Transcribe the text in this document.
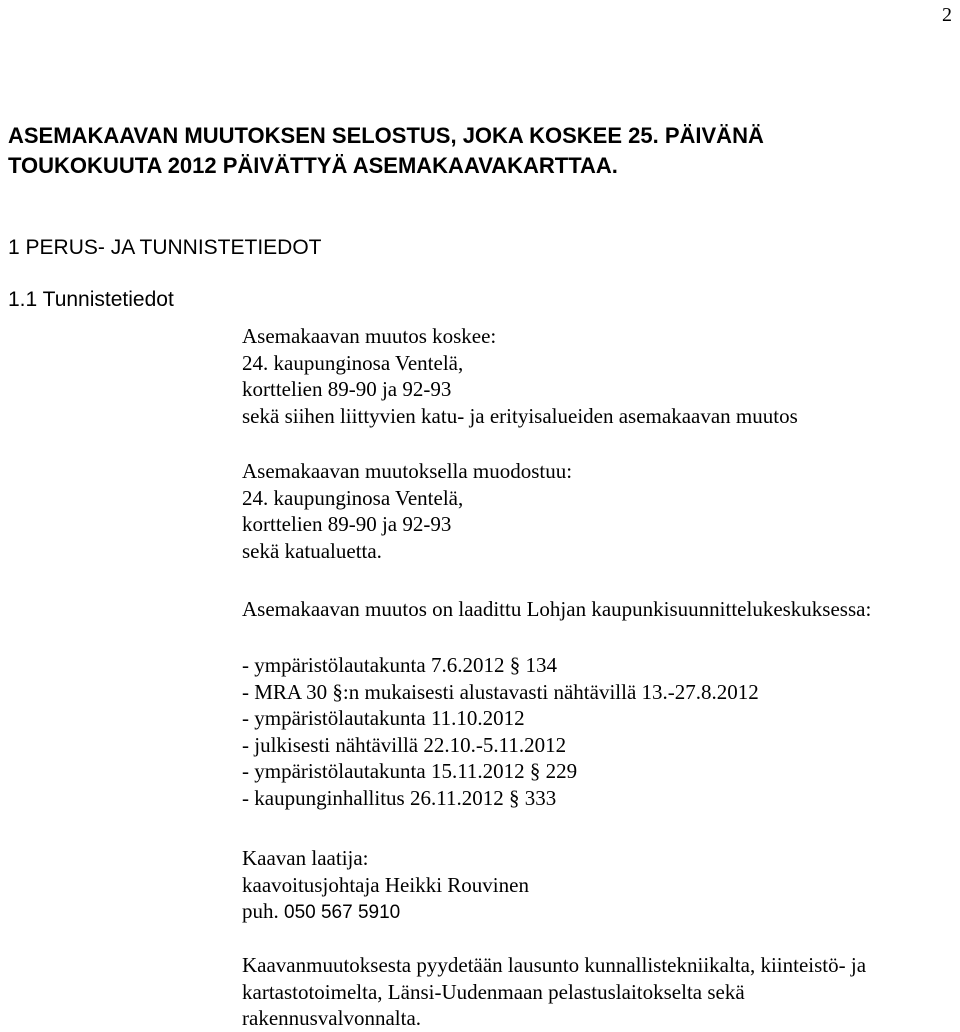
2
ASEMAKAAVAN MUUTOKSEN SELOSTUS, JOKA KOSKEE 25. PÄIVÄNÄ
TOUKOKUUTA 2012 PÄIVÄTTYÄ ASEMAKAAVAKARTTAA.
1 PERUS- JA TUNNISTETIEDOT
1.1 Tunnistetiedot
Asemakaavan muutos koskee:
24. kaupunginosa Ventelä,
korttelien 89-90 ja 92-93
sekä siihen liittyvien katu- ja erityisalueiden asemakaavan muutos
Asemakaavan muutoksella muodostuu:
24. kaupunginosa Ventelä,
korttelien 89-90 ja 92-93
sekä katualuetta.
Asemakaavan muutos on laadittu Lohjan kaupunkisuunnittelukeskuksessa:
- ympäristölautakunta 7.6.2012 § 134
- MRA 30 §:n mukaisesti alustavasti nähtävillä 13.-27.8.2012
- ympäristölautakunta 11.10.2012
- julkisesti nähtävillä 22.10.-5.11.2012
- ympäristölautakunta 15.11.2012 § 229
- kaupunginhallitus 26.11.2012 § 333
Kaavan laatija:
kaavoitusjohtaja Heikki Rouvinen
puh. 050 567 5910
Kaavanmuutoksesta pyydetään lausunto kunnallistekniikalta, kiinteistö- ja
kartastotoimelta, Länsi-Uudenmaan pelastuslaitokselta sekä
rakennusvalvonnalta.
